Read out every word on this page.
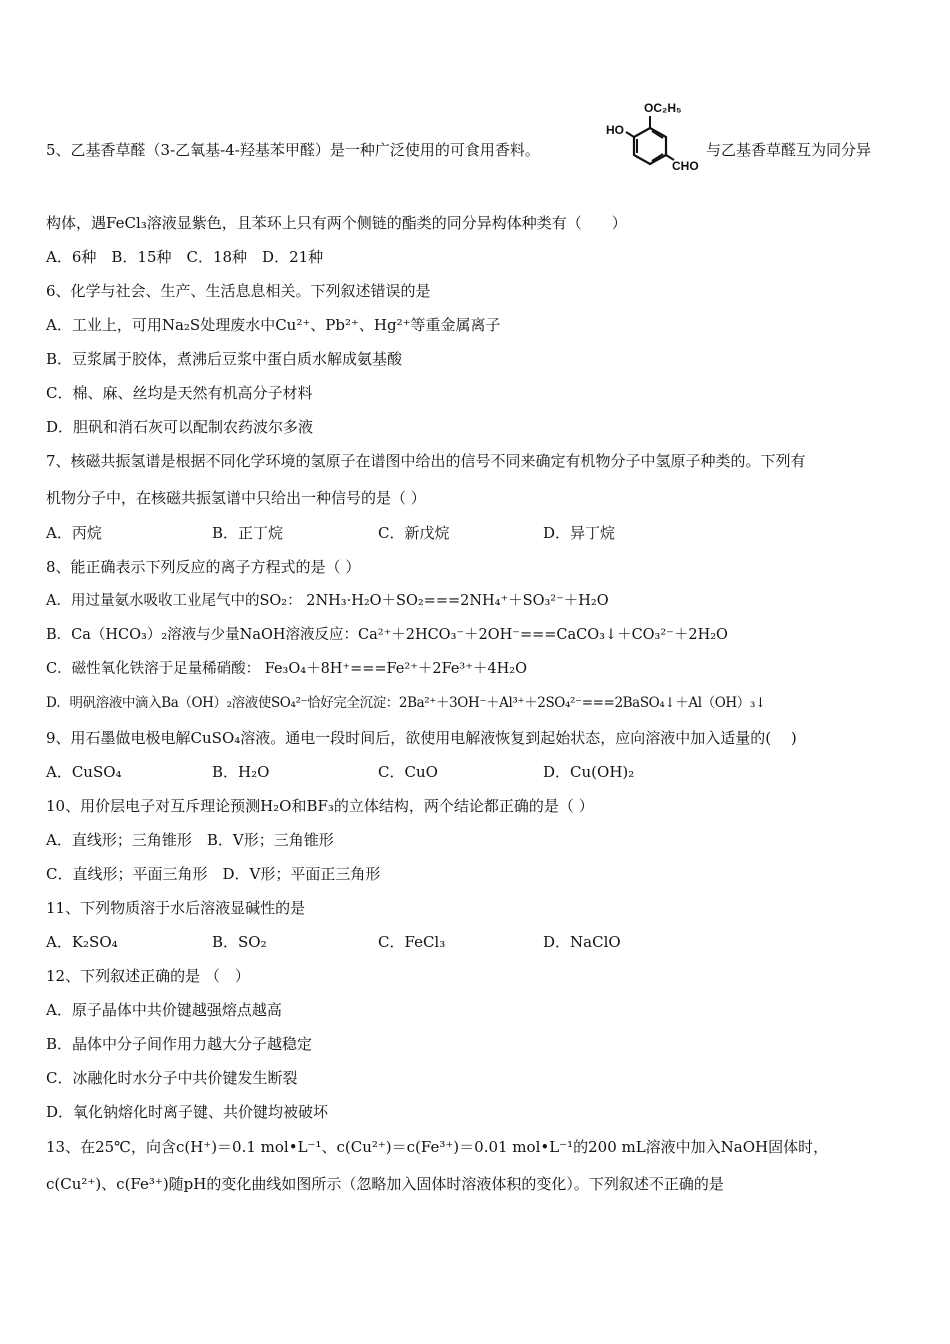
5、乙基香草醛（3-乙氧基-4-羟基苯甲醛）是一种广泛使用的可食用香料。
OC₂H₅
HO
CHO
与乙基香草醛互为同分异
构体，遇FeCl₃溶液显紫色，且苯环上只有两个侧链的酯类的同分异构体种类有（　　）
A．6种　B．15种　C．18种　D．21种
6、化学与社会、生产、生活息息相关。下列叙述错误的是
A．工业上，可用Na₂S处理废水中Cu²⁺、Pb²⁺、Hg²⁺等重金属离子
B．豆浆属于胶体，煮沸后豆浆中蛋白质水解成氨基酸
C．棉、麻、丝均是天然有机高分子材料
D．胆矾和消石灰可以配制农药波尔多液
7、核磁共振氢谱是根据不同化学环境的氢原子在谱图中给出的信号不同来确定有机物分子中氢原子种类的。下列有
机物分子中，在核磁共振氢谱中只给出一种信号的是（ ）
A．丙烷	B．正丁烷	C．新戊烷	D．异丁烷
8、能正确表示下列反应的离子方程式的是（ ）
A．用过量氨水吸收工业尾气中的SO₂： 2NH₃·H₂O＋SO₂===2NH₄⁺＋SO₃²⁻＋H₂O
B．Ca（HCO₃）₂溶液与少量NaOH溶液反应：Ca²⁺＋2HCO₃⁻＋2OH⁻===CaCO₃↓＋CO₃²⁻＋2H₂O
C．磁性氧化铁溶于足量稀硝酸： Fe₃O₄＋8H⁺===Fe²⁺＋2Fe³⁺＋4H₂O
D．明矾溶液中滴入Ba（OH）₂溶液使SO₄²⁻恰好完全沉淀：2Ba²⁺＋3OH⁻＋Al³⁺＋2SO₄²⁻===2BaSO₄↓＋Al（OH）₃↓
9、用石墨做电极电解CuSO₄溶液。通电一段时间后，欲使用电解液恢复到起始状态，应向溶液中加入适量的(　 )
A．CuSO₄	B．H₂O	C．CuO	D．Cu(OH)₂
10、用价层电子对互斥理论预测H₂O和BF₃的立体结构，两个结论都正确的是（ ）
A．直线形；三角锥形　B．V形；三角锥形
C．直线形；平面三角形　D．V形；平面正三角形
11、下列物质溶于水后溶液显碱性的是
A．K₂SO₄	B．SO₂	C．FeCl₃	D．NaClO
12、下列叙述正确的是 （　）
A．原子晶体中共价键越强熔点越高
B．晶体中分子间作用力越大分子越稳定
C．冰融化时水分子中共价键发生断裂
D．氧化钠熔化时离子键、共价键均被破坏
13、在25℃，向含c(H⁺)＝0.1 mol•L⁻¹、c(Cu²⁺)＝c(Fe³⁺)＝0.01 mol•L⁻¹的200 mL溶液中加入NaOH固体时，
c(Cu²⁺)、c(Fe³⁺)随pH的变化曲线如图所示（忽略加入固体时溶液体积的变化）。下列叙述不正确的是
